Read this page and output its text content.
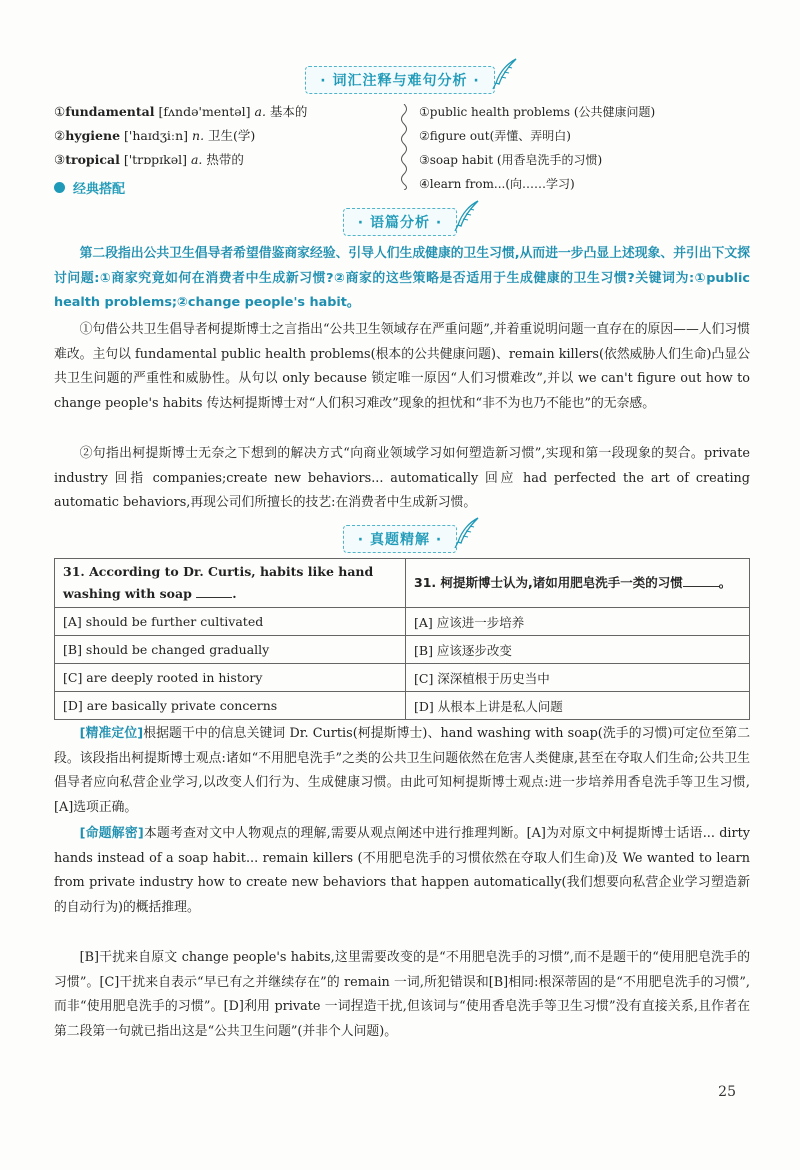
· 词汇注释与难句分析 ·
①fundamental [fʌndə'mentəl] a. 基本的
②hygiene ['haɪdʒiːn] n. 卫生(学)
③tropical ['trɒpɪkəl] a. 热带的
①public health problems (公共健康问题)
②figure out(弄懂、弄明白)
③soap habit (用香皂洗手的习惯)
④learn from...(向……学习)
经典搭配
· 语篇分析 ·
第二段指出公共卫生倡导者希望借鉴商家经验、引导人们生成健康的卫生习惯,从而进一步凸显上述现象、并引出下文探讨问题:①商家究竟如何在消费者中生成新习惯?②商家的这些策略是否适用于生成健康的卫生习惯?关键词为:①public health problems;②change people's habit。
①句借公共卫生倡导者柯提斯博士之言指出“公共卫生领域存在严重问题”,并着重说明问题一直存在的原因——人们习惯难改。主句以 fundamental public health problems(根本的公共健康问题)、remain killers(依然威胁人们生命)凸显公共卫生问题的严重性和威胁性。从句以 only because 锁定唯一原因“人们习惯难改”,并以 we can't figure out how to change people's habits 传达柯提斯博士对“人们积习难改”现象的担忧和“非不为也乃不能也”的无奈感。
②句指出柯提斯博士无奈之下想到的解决方式“向商业领域学习如何塑造新习惯”,实现和第一段现象的契合。private industry 回指 companies;create new behaviors... automatically 回应 had perfected the art of creating automatic behaviors,再现公司们所擅长的技艺:在消费者中生成新习惯。
· 真题精解 ·
31. According to Dr. Curtis, habits like hand washing with soap .	31. 柯提斯博士认为,诸如用肥皂洗手一类的习惯 。
[A] should be further cultivated	[A] 应该进一步培养
[B] should be changed gradually	[B] 应该逐步改变
[C] are deeply rooted in history	[C] 深深植根于历史当中
[D] are basically private concerns	[D] 从根本上讲是私人问题
[精准定位]根据题干中的信息关键词 Dr. Curtis(柯提斯博士)、hand washing with soap(洗手的习惯)可定位至第二段。该段指出柯提斯博士观点:诸如“不用肥皂洗手”之类的公共卫生问题依然在危害人类健康,甚至在夺取人们生命;公共卫生倡导者应向私营企业学习,以改变人们行为、生成健康习惯。由此可知柯提斯博士观点:进一步培养用香皂洗手等卫生习惯,[A]选项正确。
[命题解密]本题考查对文中人物观点的理解,需要从观点阐述中进行推理判断。[A]为对原文中柯提斯博士话语... dirty hands instead of a soap habit... remain killers (不用肥皂洗手的习惯依然在夺取人们生命)及 We wanted to learn from private industry how to create new behaviors that happen automatically(我们想要向私营企业学习塑造新的自动行为)的概括推理。
[B]干扰来自原文 change people's habits,这里需要改变的是“不用肥皂洗手的习惯”,而不是题干的“使用肥皂洗手的习惯”。[C]干扰来自表示“早已有之并继续存在”的 remain 一词,所犯错误和[B]相同:根深蒂固的是“不用肥皂洗手的习惯”,而非“使用肥皂洗手的习惯”。[D]利用 private 一词捏造干扰,但该词与“使用香皂洗手等卫生习惯”没有直接关系,且作者在第二段第一句就已指出这是“公共卫生问题”(并非个人问题)。
25
